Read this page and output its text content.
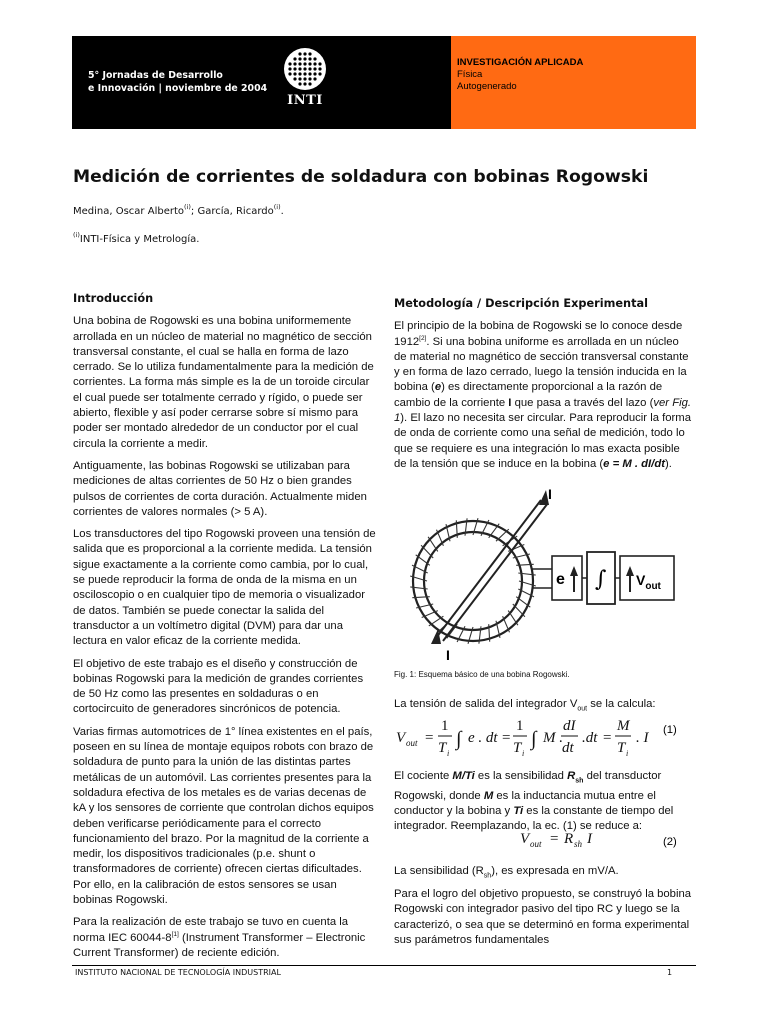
5° Jornadas de Desarrollo
e Innovación | noviembre de 2004
INTI
INVESTIGACIÓN APLICADA
Física
Autogenerado
Medición de corrientes de soldadura con bobinas Rogowski
Medina, Oscar Alberto$^{(i)}$; García, Ricardo$^{(i)}$.
$^{(i)}$INTI-Física y Metrología.
Introducción

Una bobina de Rogowski es una bobina uniformemente arrollada en un núcleo de material no magnético de sección transversal constante, el cual se halla en forma de lazo cerrado. Se lo utiliza fundamentalmente para la medición de corrientes. La forma más simple es la de un toroide circular el cual puede ser totalmente cerrado y rígido, o puede ser abierto, flexible y así poder cerrarse sobre sí mismo para poder ser montado alrededor de un conductor por el cual circula la corriente a medir.

Antiguamente, las bobinas Rogowski se utilizaban para mediciones de altas corrientes de 50 Hz o bien grandes pulsos de corrientes de corta duración. Actualmente miden corrientes de valores normales (> 5 A).

Los transductores del tipo Rogowski proveen una tensión de salida que es proporcional a la corriente medida. La tensión sigue exactamente a la corriente como cambia, por lo cual, se puede reproducir la forma de onda de la misma en un osciloscopio o en cualquier tipo de memoria o visualizador de datos. También se puede conectar la salida del transductor a un voltímetro digital (DVM) para dar una lectura en valor eficaz de la corriente medida.

El objetivo de este trabajo es el diseño y construcción de bobinas Rogowski para la medición de grandes corrientes de 50 Hz como las presentes en soldaduras o en cortocircuito de generadores sincrónicos de potencia.

Varias firmas automotrices de 1° línea existentes en el país, poseen en su línea de montaje equipos robots con brazo de soldadura de punto para la unión de las distintas partes metálicas de un automóvil. Las corrientes presentes para la soldadura efectiva de los metales es de varias decenas de kA y los sensores de corriente que controlan dichos equipos deben verificarse periódicamente para el correcto funcionamiento del brazo. Por la magnitud de la corriente a medir, los dispositivos tradicionales (p.e. shunt o transformadores de corriente) ofrecen ciertas dificultades. Por ello, en la calibración de estos sensores se usan bobinas Rogowski.

Para la realización de este trabajo se tuvo en cuenta la norma IEC 60044-8[1] (Instrument Transformer – Electronic Current Transformer) de reciente edición.

Metodología / Descripción Experimental

El principio de la bobina de Rogowski se lo conoce desde 1912[2]. Si una bobina uniforme es arrollada en un núcleo de material no magnético de sección transversal constante y en forma de lazo cerrado, luego la tensión inducida en la bobina (e) es directamente proporcional a la razón de cambio de la corriente I que pasa a través del lazo (ver Fig. 1). El lazo no necesita ser circular. Para reproducir la forma de onda de corriente como una señal de medición, todo lo que se requiere es una integración lo mas exacta posible de la tensión que se induce en la bobina (e = M . dI/dt).

I
I
e ∫ $V_{out}$
Fig. 1: Esquema básico de una bobina Rogowski.
La tensión de salida del integrador $V_{out}$ se la calcula:
V out =
1
T i
∫ e . dt =
1
T i
∫ M .
dI
dt
.dt =
M
T i
. I (1)
El cociente M/Ti es la sensibilidad $R_{sh}$ del transductor Rogowski, donde M es la inductancia mutua entre el conductor y la bobina y Ti es la constante de tiempo del integrador. Reemplazando, la ec. (1) se reduce a:
V out = R sh I	(2)
La sensibilidad $(R_{sh})$, es expresada en mV/A.
Para el logro del objetivo propuesto, se construyó la bobina Rogowski con integrador pasivo del tipo RC y luego se la caracterizó, o sea que se determinó en forma experimental sus parámetros fundamentales
INSTITUTO NACIONAL DE TECNOLOGÍA INDUSTRIAL	1
